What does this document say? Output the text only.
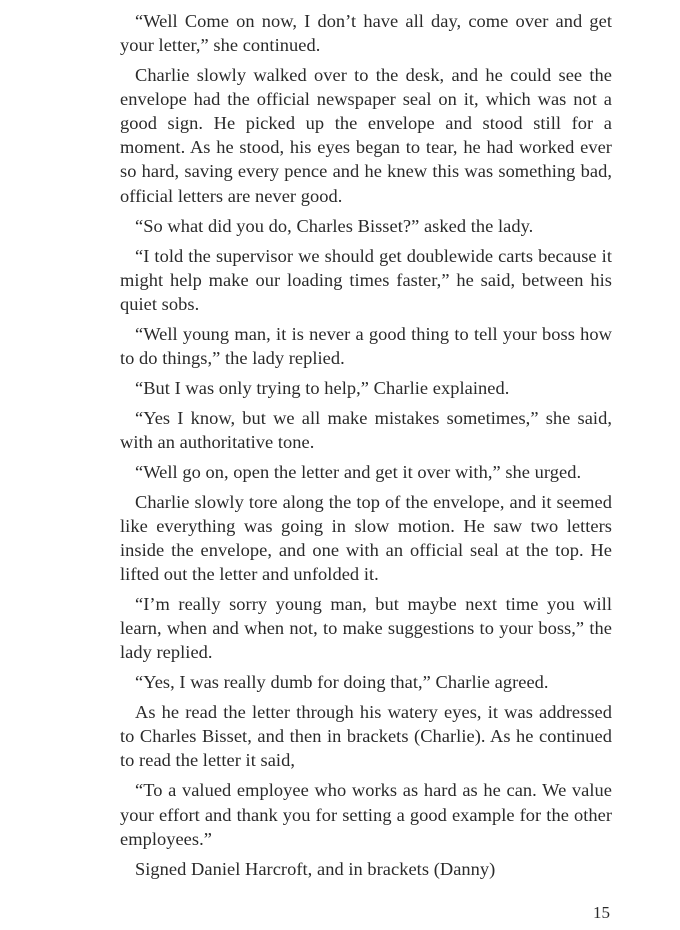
“Well Come on now, I don’t have all day, come over and get your letter,” she continued.

Charlie slowly walked over to the desk, and he could see the envelope had the official newspaper seal on it, which was not a good sign. He picked up the envelope and stood still for a moment. As he stood, his eyes began to tear, he had worked ever so hard, saving every pence and he knew this was something bad, official letters are never good.

“So what did you do, Charles Bisset?” asked the lady.

“I told the supervisor we should get doublewide carts because it might help make our loading times faster,” he said, between his quiet sobs.

“Well young man, it is never a good thing to tell your boss how to do things,” the lady replied.

“But I was only trying to help,” Charlie explained.

“Yes I know, but we all make mistakes sometimes,” she said, with an authoritative tone.

“Well go on, open the letter and get it over with,” she urged.

Charlie slowly tore along the top of the envelope, and it seemed like everything was going in slow motion. He saw two letters inside the envelope, and one with an official seal at the top. He lifted out the letter and unfolded it.

“I’m really sorry young man, but maybe next time you will learn, when and when not, to make suggestions to your boss,” the lady replied.

“Yes, I was really dumb for doing that,” Charlie agreed.

As he read the letter through his watery eyes, it was addressed to Charles Bisset, and then in brackets (Charlie). As he continued to read the letter it said,

“To a valued employee who works as hard as he can. We value your effort and thank you for setting a good example for the other employees.”

Signed Daniel Harcroft, and in brackets (Danny)

15
